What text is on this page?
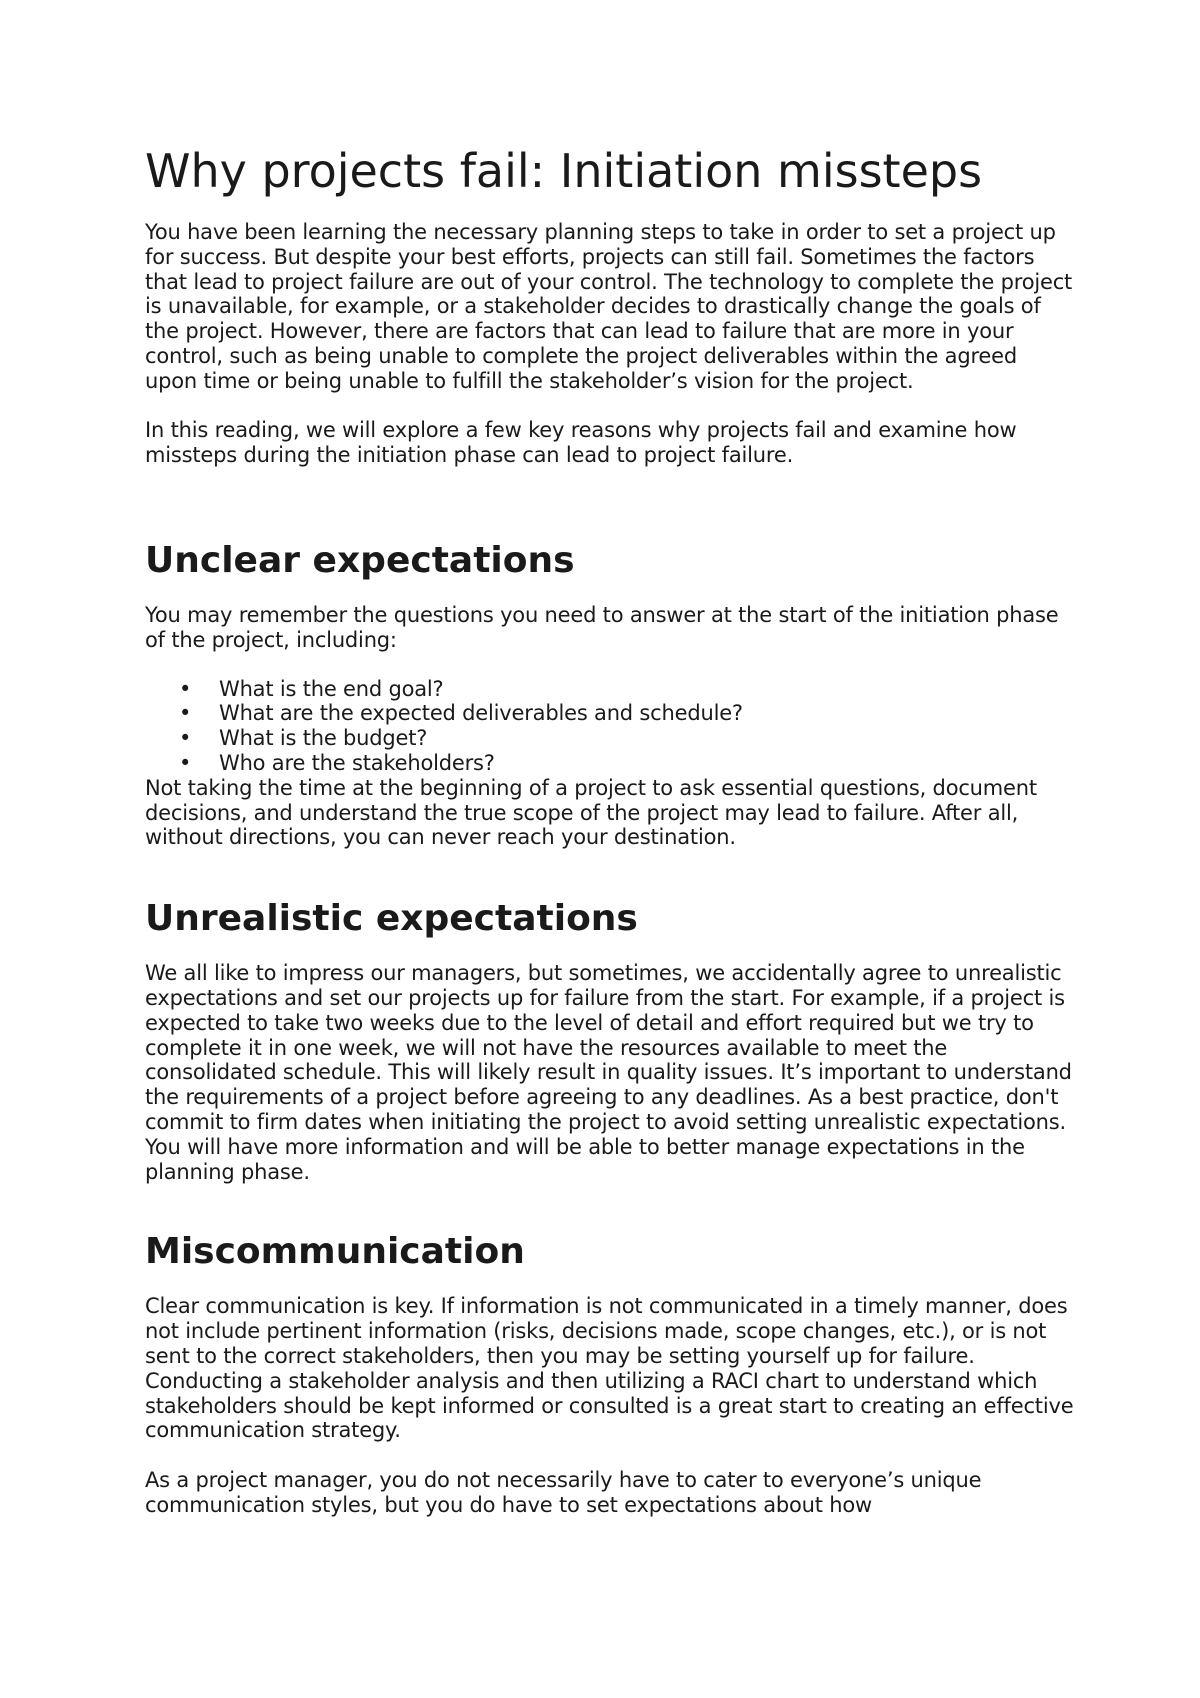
Why projects fail: Initiation missteps

You have been learning the necessary planning steps to take in order to set a project up for success. But despite your best efforts, projects can still fail. Sometimes the factors that lead to project failure are out of your control. The technology to complete the project is unavailable, for example, or a stakeholder decides to drastically change the goals of the project. However, there are factors that can lead to failure that are more in your control, such as being unable to complete the project deliverables within the agreed upon time or being unable to fulfill the stakeholder’s vision for the project.

In this reading, we will explore a few key reasons why projects fail and examine how missteps during the initiation phase can lead to project failure.

Unclear expectations

You may remember the questions you need to answer at the start of the initiation phase of the project, including:

• What is the end goal?
• What are the expected deliverables and schedule?
• What is the budget?
• Who are the stakeholders?

Not taking the time at the beginning of a project to ask essential questions, document decisions, and understand the true scope of the project may lead to failure. After all, without directions, you can never reach your destination.

Unrealistic expectations

We all like to impress our managers, but sometimes, we accidentally agree to unrealistic expectations and set our projects up for failure from the start. For example, if a project is expected to take two weeks due to the level of detail and effort required but we try to complete it in one week, we will not have the resources available to meet the consolidated schedule. This will likely result in quality issues. It’s important to understand the requirements of a project before agreeing to any deadlines. As a best practice, don't commit to firm dates when initiating the project to avoid setting unrealistic expectations. You will have more information and will be able to better manage expectations in the planning phase.

Miscommunication

Clear communication is key. If information is not communicated in a timely manner, does not include pertinent information (risks, decisions made, scope changes, etc.), or is not sent to the correct stakeholders, then you may be setting yourself up for failure. Conducting a stakeholder analysis and then utilizing a RACI chart to understand which stakeholders should be kept informed or consulted is a great start to creating an effective communication strategy.

As a project manager, you do not necessarily have to cater to everyone’s unique communication styles, but you do have to set expectations about how
